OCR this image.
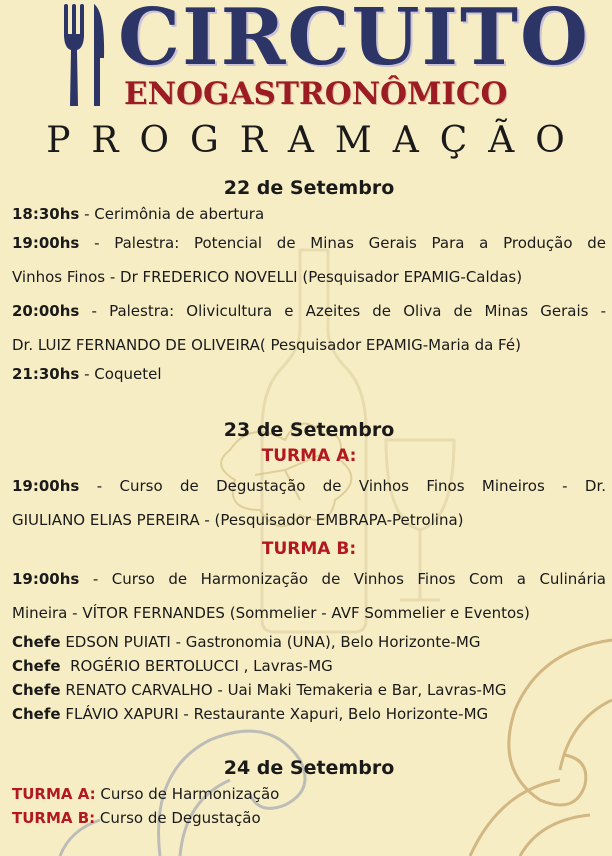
CIRCUITO
ENOGASTRONÔMICO
PROGRAMAÇÃO
22 de Setembro
18:30hs - Cerimônia de abertura
19:00hs - Palestra: Potencial de Minas Gerais Para a Produção de
Vinhos Finos - Dr FREDERICO NOVELLI (Pesquisador EPAMIG-Caldas)
20:00hs - Palestra: Olivicultura e Azeites de Oliva de Minas Gerais -
Dr. LUIZ FERNANDO DE OLIVEIRA( Pesquisador EPAMIG-Maria da Fé)
21:30hs - Coquetel
23 de Setembro
TURMA A:
19:00hs - Curso de Degustação de Vinhos Finos Mineiros - Dr.
GIULIANO ELIAS PEREIRA - (Pesquisador EMBRAPA-Petrolina)
TURMA B:
19:00hs - Curso de Harmonização de Vinhos Finos Com a Culinária
Mineira - VÍTOR FERNANDES (Sommelier - AVF Sommelier e Eventos)
Chefe EDSON PUIATI - Gastronomia (UNA), Belo Horizonte-MG
Chefe  ROGÉRIO BERTOLUCCI , Lavras-MG
Chefe RENATO CARVALHO - Uai Maki Temakeria e Bar, Lavras-MG
Chefe FLÁVIO XAPURI - Restaurante Xapuri, Belo Horizonte-MG
24 de Setembro
TURMA A: Curso de Harmonização
TURMA B: Curso de Degustação
